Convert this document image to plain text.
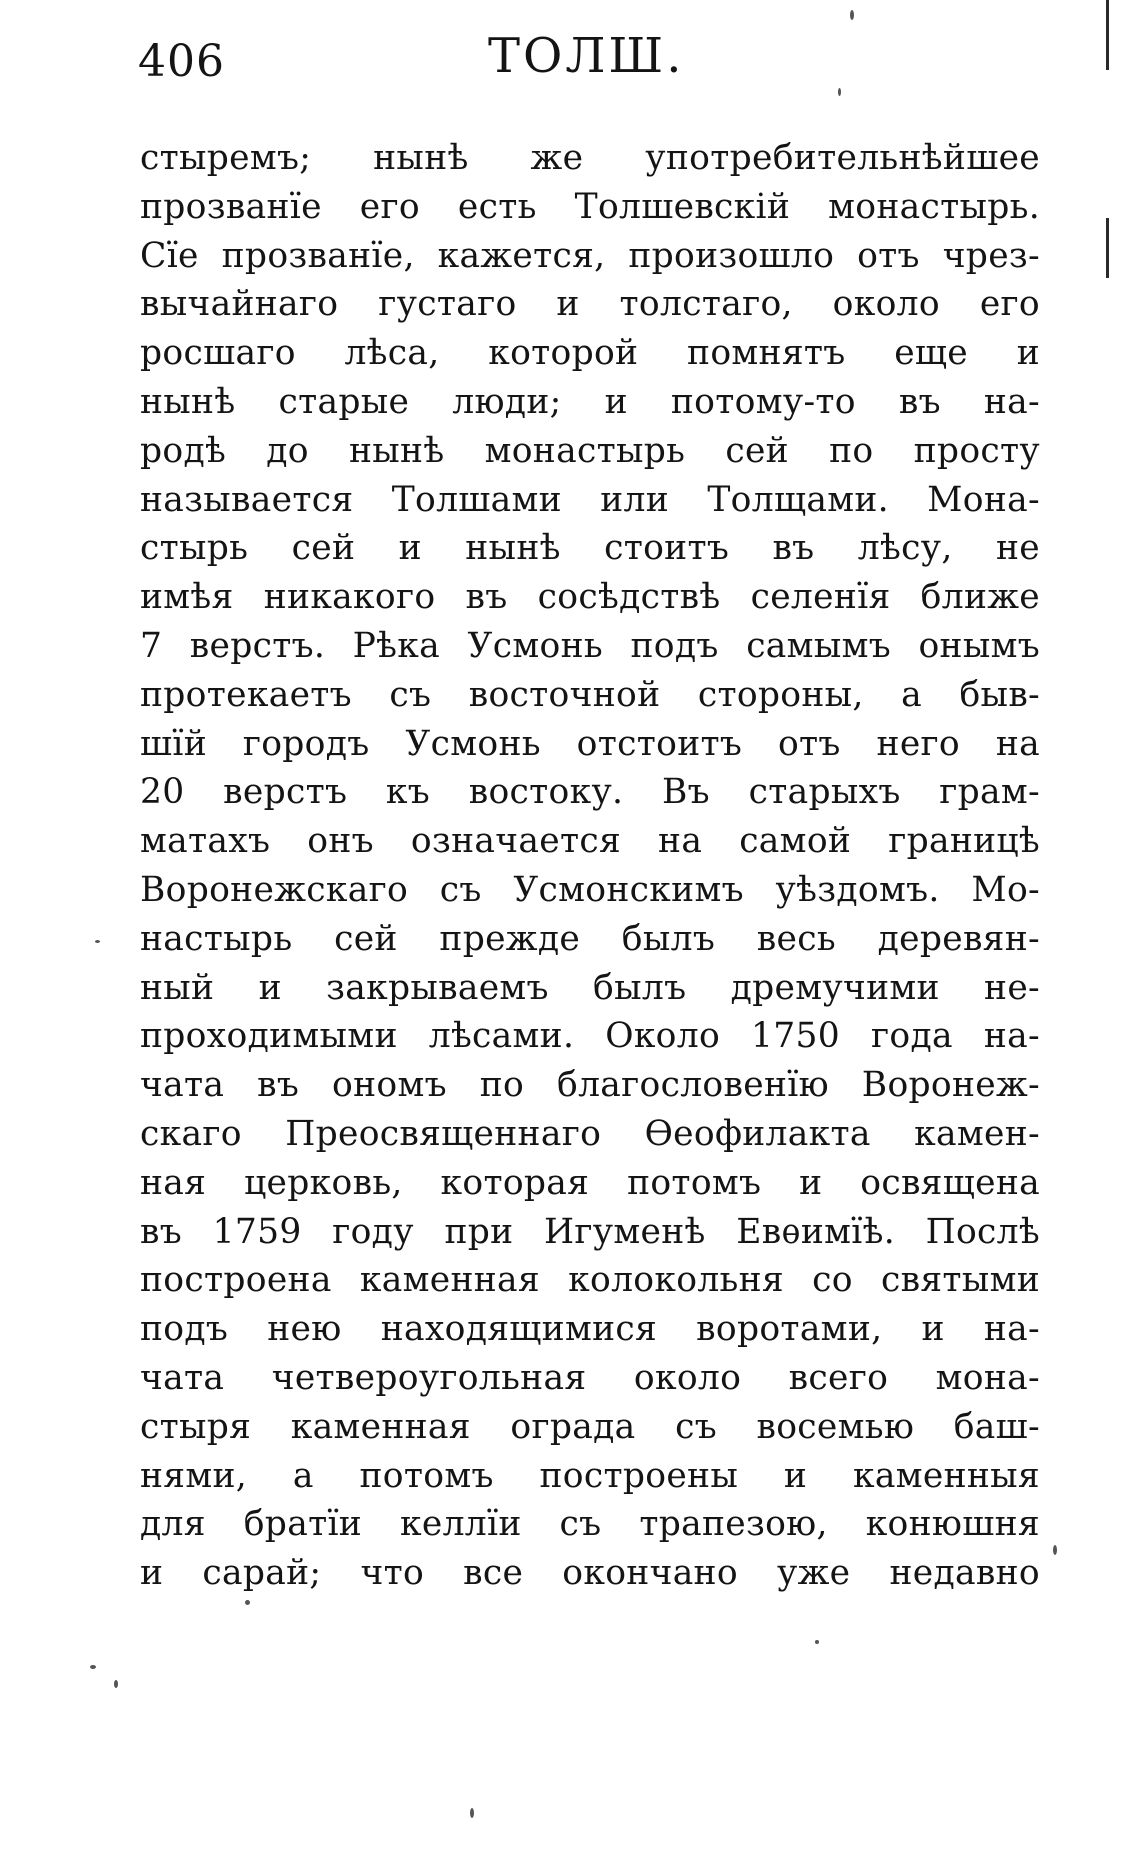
406	ТОЛШ.
стыремъ; нынѣ же употребительнѣйшее
прозванїе его есть Толшевскій монастырь.
Сїе прозванїе, кажется, произошло отъ чрез-
вычайнаго густаго и толстаго, около его
росшаго лѣса, которой помнятъ еще и
нынѣ старые люди; и потому-то въ на-
родѣ до нынѣ монастырь сей по просту
называется Толшами или Толщами. Мона-
стырь сей и нынѣ стоитъ въ лѣсу, не
имѣя никакого въ сосѣдствѣ селенїя ближе
7 верстъ. Рѣка Усмонь подъ самымъ онымъ
протекаетъ съ восточной стороны, а быв-
шїй городъ Усмонь отстоитъ отъ него на
20 верстъ къ востоку. Въ старыхъ грам-
матахъ онъ означается на самой границѣ
Воронежскаго съ Усмонскимъ уѣздомъ. Мо-
настырь сей прежде былъ весь деревян-
ный и закрываемъ былъ дремучими не-
проходимыми лѣсами. Около 1750 года на-
чата въ ономъ по благословенїю Воронеж-
скаго Преосвященнаго Ѳеофилакта камен-
ная церковь, которая потомъ и освящена
въ 1759 году при Игуменѣ Евѳимїѣ. Послѣ
построена каменная колокольня со святыми
подъ нею находящимися воротами, и на-
чата четвероугольная около всего мона-
стыря каменная ограда съ восемью баш-
нями, а потомъ построены и каменныя
для братїи келлїи съ трапезою, конюшня
и сарай; что все окончано уже недавно
